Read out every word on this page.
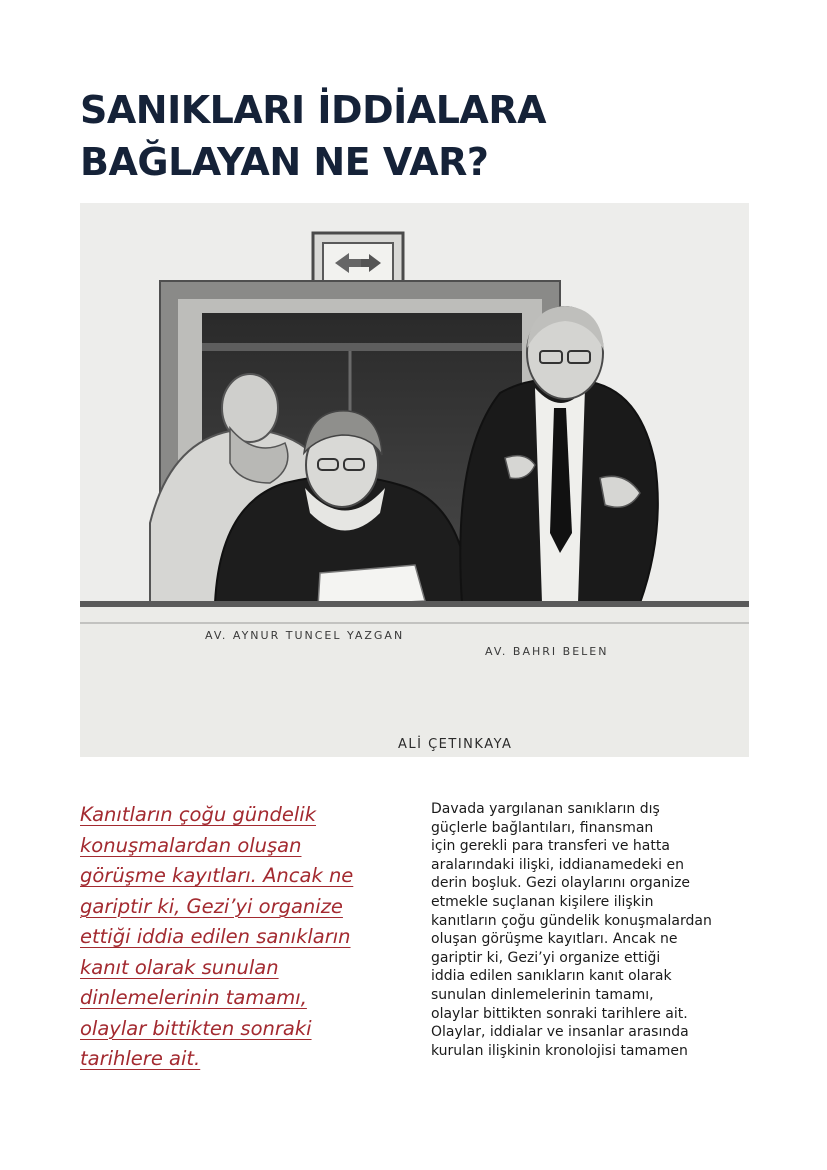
SANIKLARI İDDİALARA
BAĞLAYAN NE VAR?
AV. AYNUR TUNCEL YAZGAN
AV. BAHRI BELEN
ALİ ÇETINKAYA
Kanıtların çoğu gündelik
konuşmalardan oluşan
görüşme kayıtları. Ancak ne
gariptir ki, Gezi’yi organize
ettiği iddia edilen sanıkların
kanıt olarak sunulan
dinlemelerinin tamamı,
olaylar bittikten sonraki
tarihlere ait.
Davada yargılanan sanıkların dış
güçlerle bağlantıları, finansman
için gerekli para transferi ve hatta
aralarındaki ilişki, iddianamedeki en
derin boşluk. Gezi olaylarını organize
etmekle suçlanan kişilere ilişkin
kanıtların çoğu gündelik konuşmalardan
oluşan görüşme kayıtları. Ancak ne
gariptir ki, Gezi’yi organize ettiği
iddia edilen sanıkların kanıt olarak
sunulan dinlemelerinin tamamı,
olaylar bittikten sonraki tarihlere ait.
Olaylar, iddialar ve insanlar arasında
kurulan ilişkinin kronolojisi tamamen
